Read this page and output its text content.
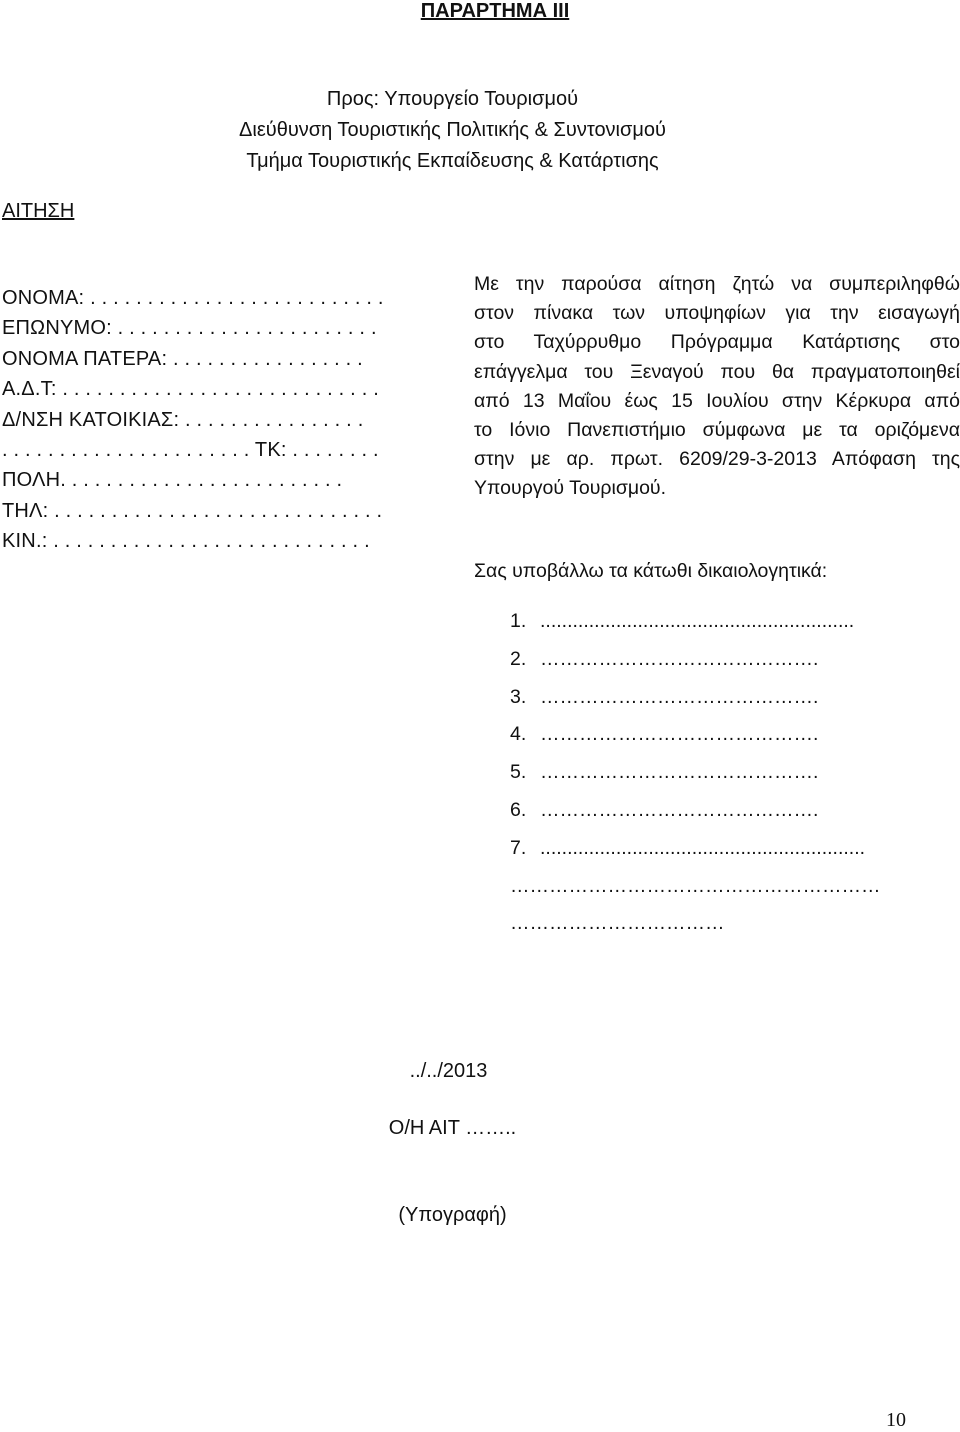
ΠΑΡΑΡΤΗΜΑ ΙΙΙ
Προς: Υπουργείο Τουρισμού
Διεύθυνση Τουριστικής Πολιτικής & Συντονισμού
Τμήμα Τουριστικής Εκπαίδευσης & Κατάρτισης
ΑΙΤΗΣΗ
ΟΝΟΜΑ: . . . . . . . . . . . . . . . . . . . . . . . . . .
ΕΠΩΝΥΜΟ: . . . . . . . . . . . . . . . . . . . . . . .
ΟΝΟΜΑ ΠΑΤΕΡΑ: . . . . . . . . . . . . . . . . .
Α.Δ.Τ: . . . . . . . . . . . . . . . . . . . . . . . . . . . .
Δ/ΝΣΗ ΚΑΤΟΙΚΙΑΣ: . . . . . . . . . . . . . . . .
. . . . . . . . . . . . . . . . . . . . . . ΤΚ: . . . . . . . .
ΠΟΛΗ. . . . . . . . . . . . . . . . . . . . . . . . .
ΤΗΛ: . . . . . . . . . . . . . . . . . . . . . . . . . . . . .
ΚΙΝ.: . . . . . . . . . . . . . . . . . . . . . . . . . . . .
Με την παρούσα αίτηση ζητώ να συμπεριληφθώ
στον πίνακα των υποψηφίων για την εισαγωγή
στο Ταχύρρυθμο Πρόγραμμα Κατάρτισης στο
επάγγελμα του Ξεναγού που θα πραγματοποιηθεί
από 13 Μαΐου έως 15 Ιουλίου στην Κέρκυρα από
το Ιόνιο Πανεπιστήμιο σύμφωνα με τα οριζόμενα
στην με αρ. πρωτ. 6209/29-3-2013 Απόφαση της
Υπουργού Τουρισμού.
Σας υποβάλλω τα κάτωθι δικαιολογητικά:
1. ..........................................................
2. …………………………………….
3. …………………………………….
4. …………………………………….
5. …………………………………….
6. …………………………………….
7. ............................................................
…………………………………………………
……………………………
../../2013
Ο/Η ΑΙΤ ……..
(Υπογραφή)
10
